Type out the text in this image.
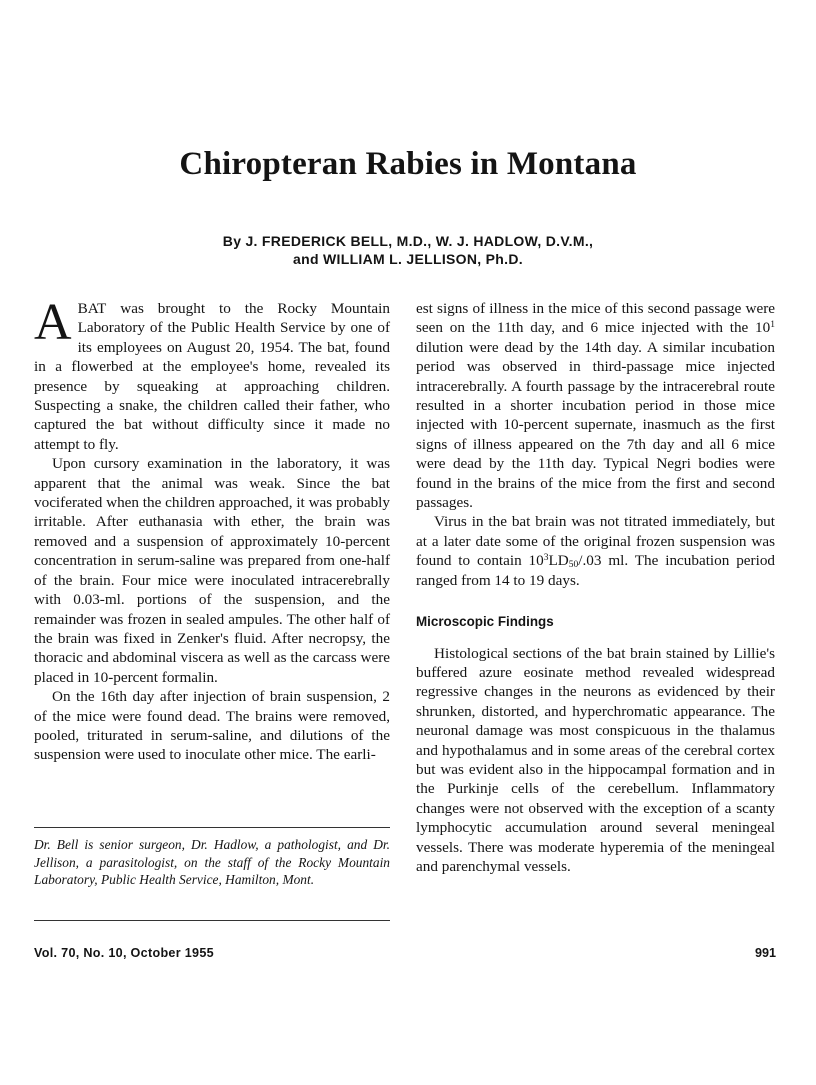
Chiropteran Rabies in Montana
By J. FREDERICK BELL, M.D., W. J. HADLOW, D.V.M.,
and WILLIAM L. JELLISON, Ph.D.

ABAT was brought to the Rocky Mountain Laboratory of the Public Health Service by one of its employees on August 20, 1954. The bat, found in a flowerbed at the employee's home, revealed its presence by squeaking at approaching children. Suspecting a snake, the children called their father, who captured the bat without difficulty since it made no attempt to fly.

Upon cursory examination in the laboratory, it was apparent that the animal was weak. Since the bat vociferated when the children approached, it was probably irritable. After euthanasia with ether, the brain was removed and a suspension of approximately 10-percent concentration in serum-saline was prepared from one-half of the brain. Four mice were inoculated intracerebrally with 0.03-ml. portions of the suspension, and the remainder was frozen in sealed ampules. The other half of the brain was fixed in Zenker's fluid. After necropsy, the thoracic and abdominal viscera as well as the carcass were placed in 10-percent formalin.

On the 16th day after injection of brain suspension, 2 of the mice were found dead. The brains were removed, pooled, triturated in serum-saline, and dilutions of the suspension were used to inoculate other mice. The earli-

Dr. Bell is senior surgeon, Dr. Hadlow, a pathologist, and Dr. Jellison, a parasitologist, on the staff of the Rocky Mountain Laboratory, Public Health Service, Hamilton, Mont.

est signs of illness in the mice of this second passage were seen on the 11th day, and 6 mice injected with the $10^1$ dilution were dead by the 14th day. A similar incubation period was observed in third-passage mice injected intracerebrally. A fourth passage by the intracerebral route resulted in a shorter incubation period in those mice injected with 10-percent supernate, inasmuch as the first signs of illness appeared on the 7th day and all 6 mice were dead by the 11th day. Typical Negri bodies were found in the brains of the mice from the first and second passages.

Virus in the bat brain was not titrated immediately, but at a later date some of the original frozen suspension was found to contain $10^3LD_{50}/.03$ ml. The incubation period ranged from 14 to 19 days.

Microscopic Findings

Histological sections of the bat brain stained by Lillie's buffered azure eosinate method revealed widespread regressive changes in the neurons as evidenced by their shrunken, distorted, and hyperchromatic appearance. The neuronal damage was most conspicuous in the thalamus and hypothalamus and in some areas of the cerebral cortex but was evident also in the hippocampal formation and in the Purkinje cells of the cerebellum. Inflammatory changes were not observed with the exception of a scanty lymphocytic accumulation around several meningeal vessels. There was moderate hyperemia of the meningeal and parenchymal vessels.

Vol. 70, No. 10, October 1955	991
